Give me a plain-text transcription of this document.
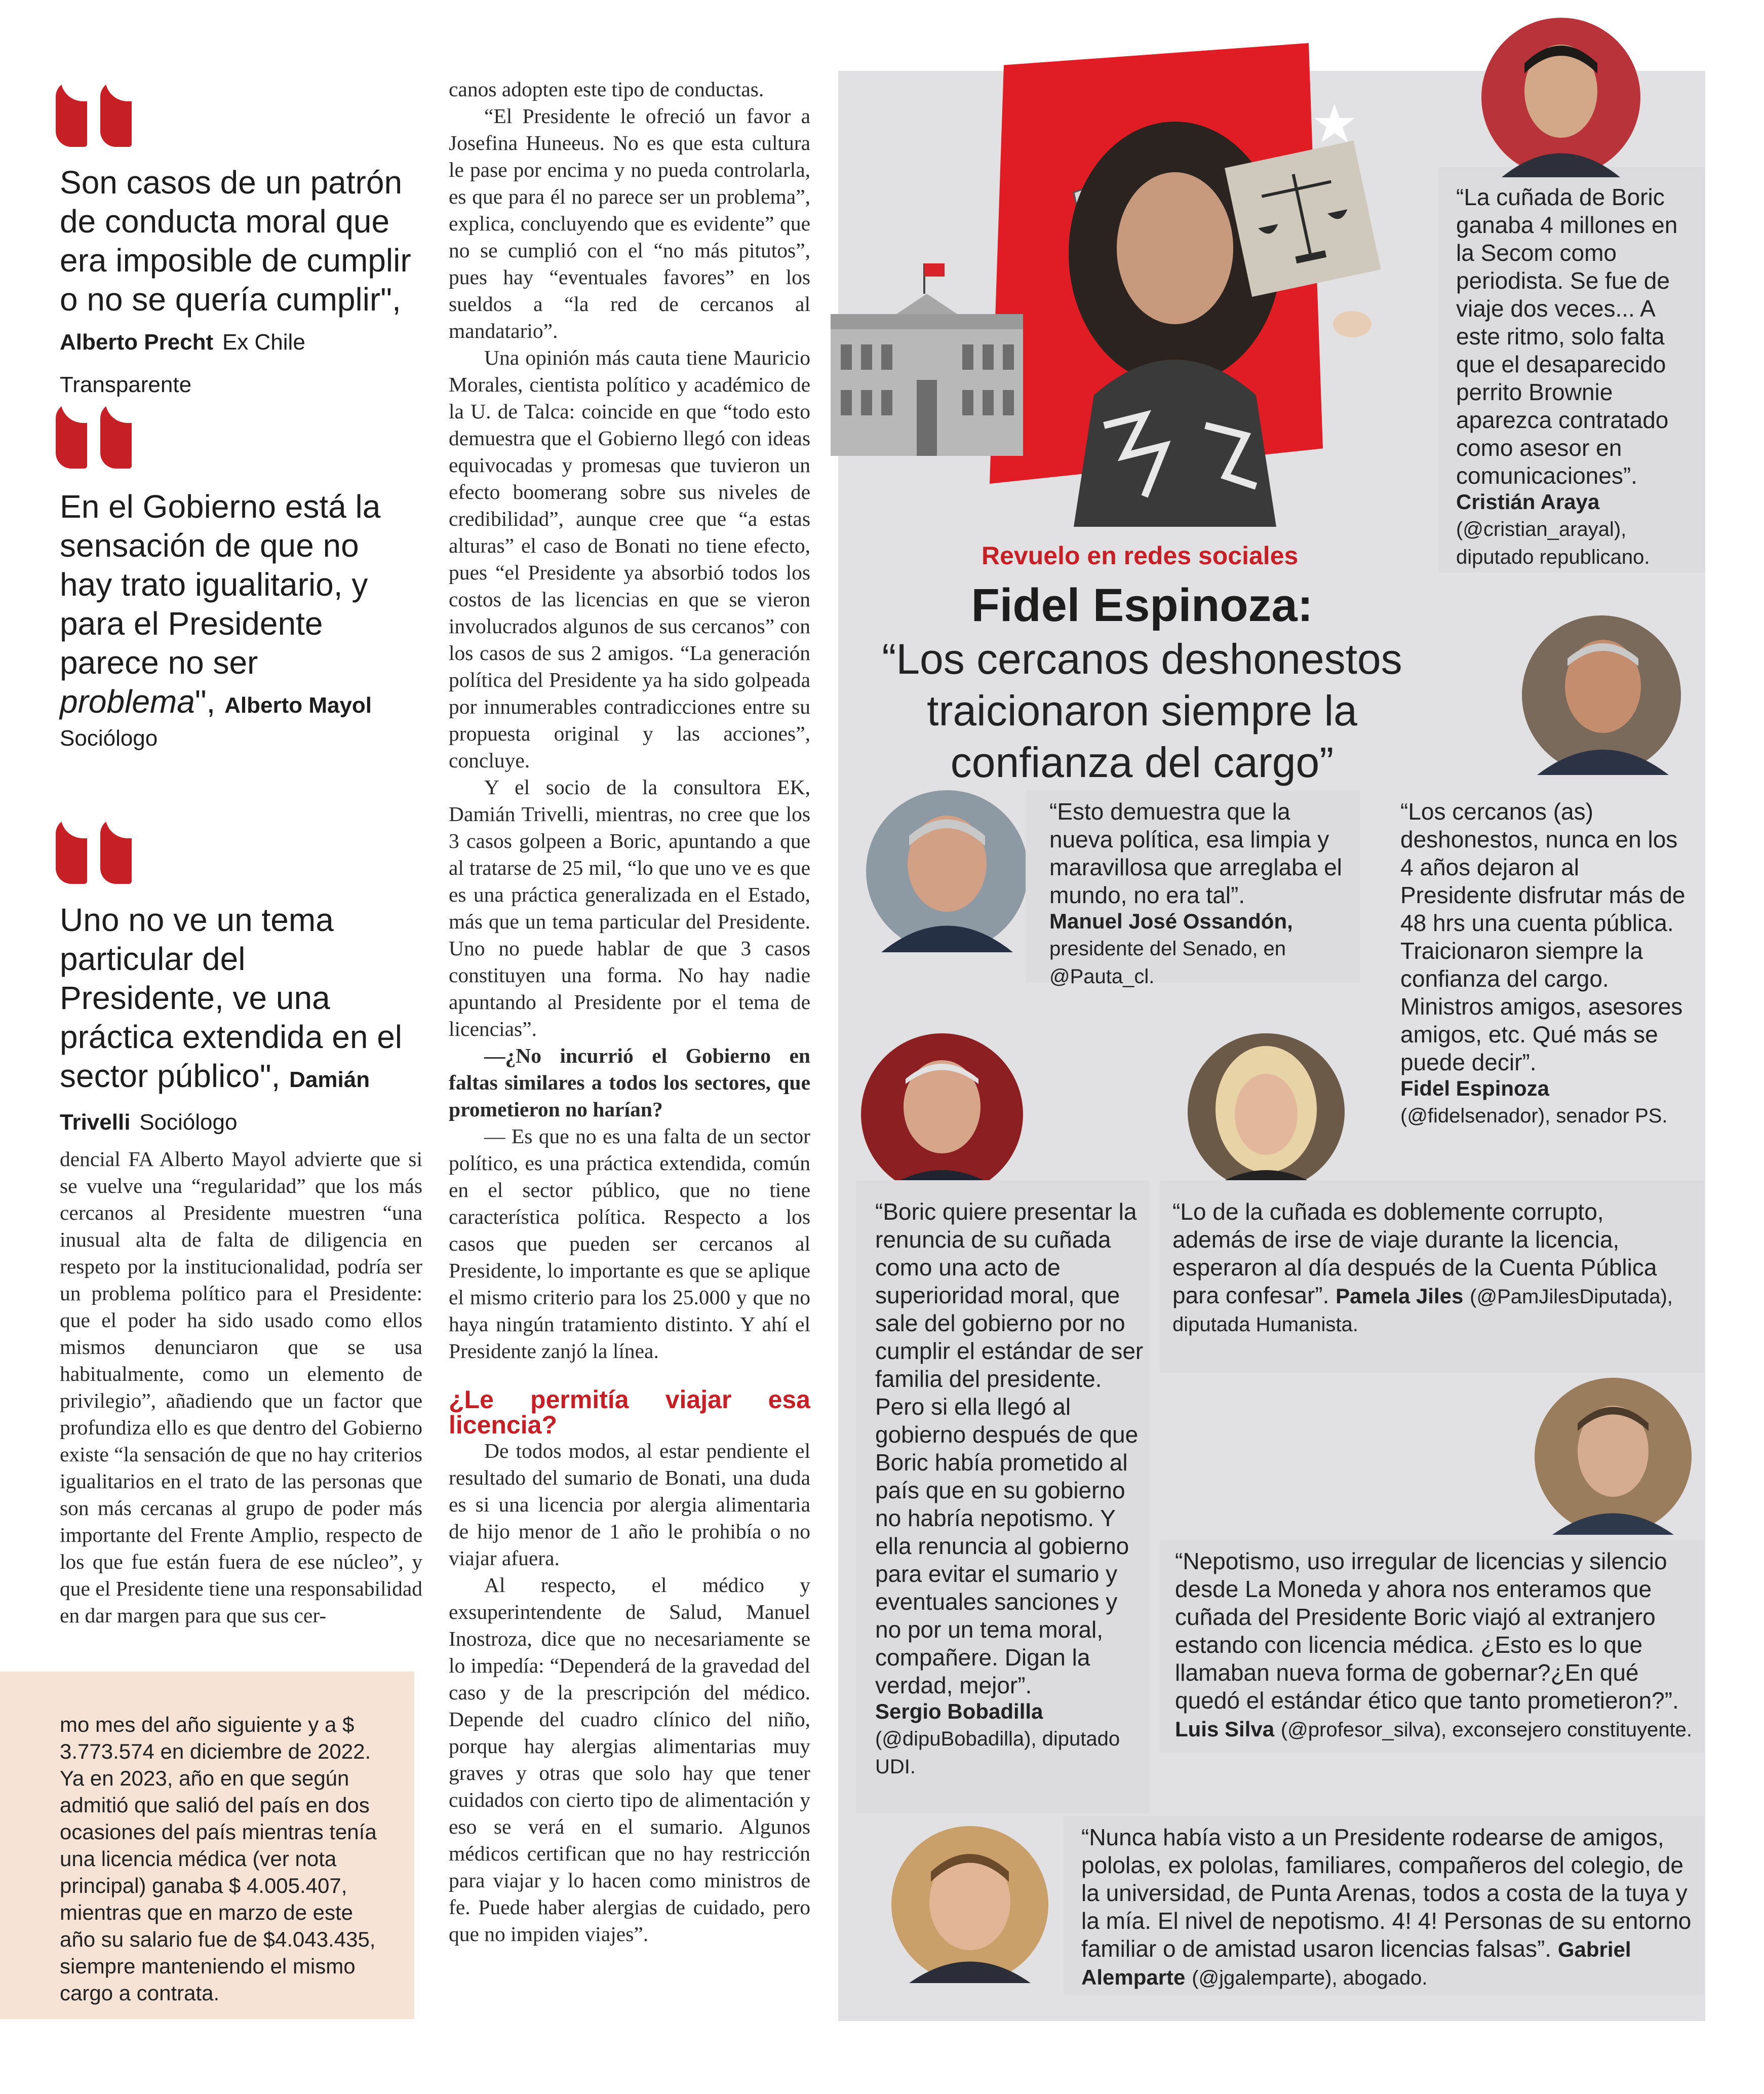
Son casos de un patrón de conducta moral que era imposible de cumplir o no se quería cumplir", Alberto Precht Ex Chile Transparente
En el Gobierno está la sensación de que no hay trato igualitario, y para el Presidente parece no ser problema", Alberto Mayol
Sociólogo
Uno no ve un tema particular del Presidente, ve una práctica extendida en el sector público", Damián Trivelli Sociólogo

dencial FA Alberto Mayol advierte que si se vuelve una “regularidad” que los más cercanos al Presidente muestren “una inusual alta de falta de diligencia en respeto por la institucionalidad, podría ser un problema político para el Presidente: que el poder ha sido usado como ellos mismos denunciaron que se usa habitualmente, como un elemento de privilegio”, añadiendo que un factor que profundiza ello es que dentro del Gobierno existe “la sensación de que no hay criterios igualitarios en el trato de las personas que son más cercanas al grupo de poder más importante del Frente Amplio, respecto de los que fue están fuera de ese núcleo”, y que el Presidente tiene una responsabilidad en dar margen para que sus cer-

mo mes del año siguiente y a $ 3.773.574 en diciembre de 2022. Ya en 2023, año en que según admitió que salió del país en dos ocasiones del país mientras tenía una licencia médica (ver nota principal) ganaba $ 4.005.407, mientras que en marzo de este año su salario fue de $4.043.435, siempre manteniendo el mismo cargo a contrata.

canos adopten este tipo de conductas.

“El Presidente le ofreció un favor a Josefina Huneeus. No es que esta cultura le pase por encima y no pueda controlarla, es que para él no parece ser un problema”, explica, concluyendo que es evidente” que no se cumplió con el “no más pitutos”, pues hay “eventuales favores” en los sueldos a “la red de cercanos al mandatario”.

Una opinión más cauta tiene Mauricio Morales, cientista político y académico de la U. de Talca: coincide en que “todo esto demuestra que el Gobierno llegó con ideas equivocadas y promesas que tuvieron un efecto boomerang sobre sus niveles de credibilidad”, aunque cree que “a estas alturas” el caso de Bonati no tiene efecto, pues “el Presidente ya absorbió todos los costos de las licencias en que se vieron involucrados algunos de sus cercanos” con los casos de sus 2 amigos. “La generación política del Presidente ya ha sido golpeada por innumerables contradicciones entre su propuesta original y las acciones”, concluye.

Y el socio de la consultora EK, Damián Trivelli, mientras, no cree que los 3 casos golpeen a Boric, apuntando a que al tratarse de 25 mil, “lo que uno ve es que es una práctica generalizada en el Estado, más que un tema particular del Presidente. Uno no puede hablar de que 3 casos constituyen una forma. No hay nadie apuntando al Presidente por el tema de licencias”.

—¿No incurrió el Gobierno en faltas similares a todos los sectores, que prometieron no harían?

— Es que no es una falta de un sector político, es una práctica extendida, común en el sector público, que no tiene característica política. Respecto a los casos que pueden ser cercanos al Presidente, lo importante es que se aplique el mismo criterio para los 25.000 y que no haya ningún tratamiento distinto. Y ahí el Presidente zanjó la línea.

¿Le permitía viajar esa licencia?

De todos modos, al estar pendiente el resultado del sumario de Bonati, una duda es si una licencia por alergia alimentaria de hijo menor de 1 año le prohibía o no viajar afuera.

Al respecto, el médico y exsuperintendente de Salud, Manuel Inostroza, dice que no necesariamente se lo impedía: “Dependerá de la gravedad del caso y de la prescripción del médico. Depende del cuadro clínico del niño, porque hay alergias alimentarias muy graves y otras que solo hay que tener cuidados con cierto tipo de alimentación y eso se verá en el sumario. Algunos médicos certifican que no hay restricción para viajar y lo hacen como ministros de fe. Puede haber alergias de cuidado, pero que no impiden viajes”.

“La cuñada de Boric ganaba 4 millones en la Secom como periodista. Se fue de viaje dos veces... A este ritmo, solo falta que el desaparecido perrito Brownie aparezca contratado como asesor en comunicaciones”.
Cristián Araya
(@cristian_arayal), diputado republicano.
Revuelo en redes sociales
Fidel Espinoza:
“Los cercanos deshonestos traicionaron siempre la confianza del cargo”
“Los cercanos (as) deshonestos, nunca en los 4 años dejaron al Presidente disfrutar más de 48 hrs una cuenta pública. Traicionaron siempre la confianza del cargo. Ministros amigos, asesores amigos, etc. Qué más se puede decir”.
Fidel Espinoza
(@fidelsenador), senador PS.
“Esto demuestra que la nueva política, esa limpia y maravillosa que arreglaba el mundo, no era tal”.
Manuel José Ossandón,
presidente del Senado, en @Pauta_cl.
“Boric quiere presentar la renuncia de su cuñada como una acto de superioridad moral, que sale del gobierno por no cumplir el estándar de ser familia del presidente. Pero si ella llegó al gobierno después de que Boric había prometido al país que en su gobierno no habría nepotismo. Y ella renuncia al gobierno para evitar el sumario y eventuales sanciones y no por un tema moral, compañere. Digan la verdad, mejor”.
Sergio Bobadilla
(@dipuBobadilla), diputado UDI.
“Lo de la cuñada es doblemente corrupto, además de irse de viaje durante la licencia, esperaron al día después de la Cuenta Pública para confesar”. Pamela Jiles (@PamJilesDiputada), diputada Humanista.
“Nepotismo, uso irregular de licencias y silencio desde La Moneda y ahora nos enteramos que cuñada del Presidente Boric viajó al extranjero estando con licencia médica. ¿Esto es lo que llamaban nueva forma de gobernar?¿En qué quedó el estándar ético que tanto prometieron?”. Luis Silva (@profesor_silva), exconsejero constituyente.
“Nunca había visto a un Presidente rodearse de amigos, pololas, ex pololas, familiares, compañeros del colegio, de la universidad, de Punta Arenas, todos a costa de la tuya y la mía. El nivel de nepotismo. 4! 4! Personas de su entorno familiar o de amistad usaron licencias falsas”. Gabriel Alemparte (@jgalemparte), abogado.
